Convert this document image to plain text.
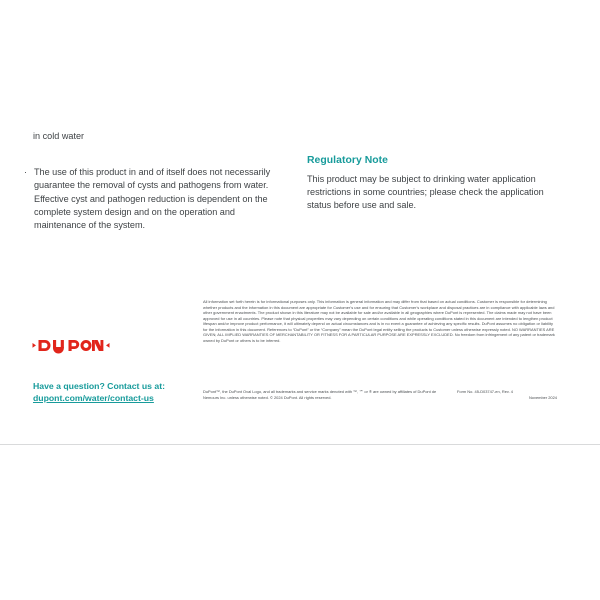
in cold water
· The use of this product in and of itself does not necessarily guarantee the removal of cysts and pathogens from water. Effective cyst and pathogen reduction is dependent on the complete system design and on the operation and maintenance of the system.
Regulatory Note
This product may be subject to drinking water application restrictions in some countries; please check the application status before use and sale.
Have a question? Contact us at:
dupont.com/water/contact-us

All information set forth herein is for informational purposes only. This information is general information and may differ from that based on actual conditions. Customer is responsible for determining whether products and the information in this document are appropriate for Customer’s use and for ensuring that Customer’s workplace and disposal practices are in compliance with applicable laws and other government enactments. The product shown in this literature may not be available for sale and/or available in all geographies where DuPont is represented. The claims made may not have been approved for use in all countries. Please note that physical properties may vary depending on certain conditions and while operating conditions stated in this document are intended to lengthen product lifespan and/or improve product performance, it will ultimately depend on actual circumstances and is in no event a guarantee of achieving any specific results. DuPont assumes no obligation or liability for the information in this document. References to “DuPont” or the “Company” mean the DuPont legal entity selling the products to Customer unless otherwise expressly noted. NO WARRANTIES ARE GIVEN; ALL IMPLIED WARRANTIES OF MERCHANTABILITY OR FITNESS FOR A PARTICULAR PURPOSE ARE EXPRESSLY EXCLUDED. No freedom from infringement of any patent or trademark owned by DuPont or others is to be inferred.

DuPont™, the DuPont Oval Logo, and all trademarks and service marks denoted with ™, ℠ or ® are owned by affiliates of DuPont de Nemours Inc. unless otherwise noted. © 2024 DuPont. All rights reserved.
Form No. 45-D03747-en, Rev. 4
November 2024
